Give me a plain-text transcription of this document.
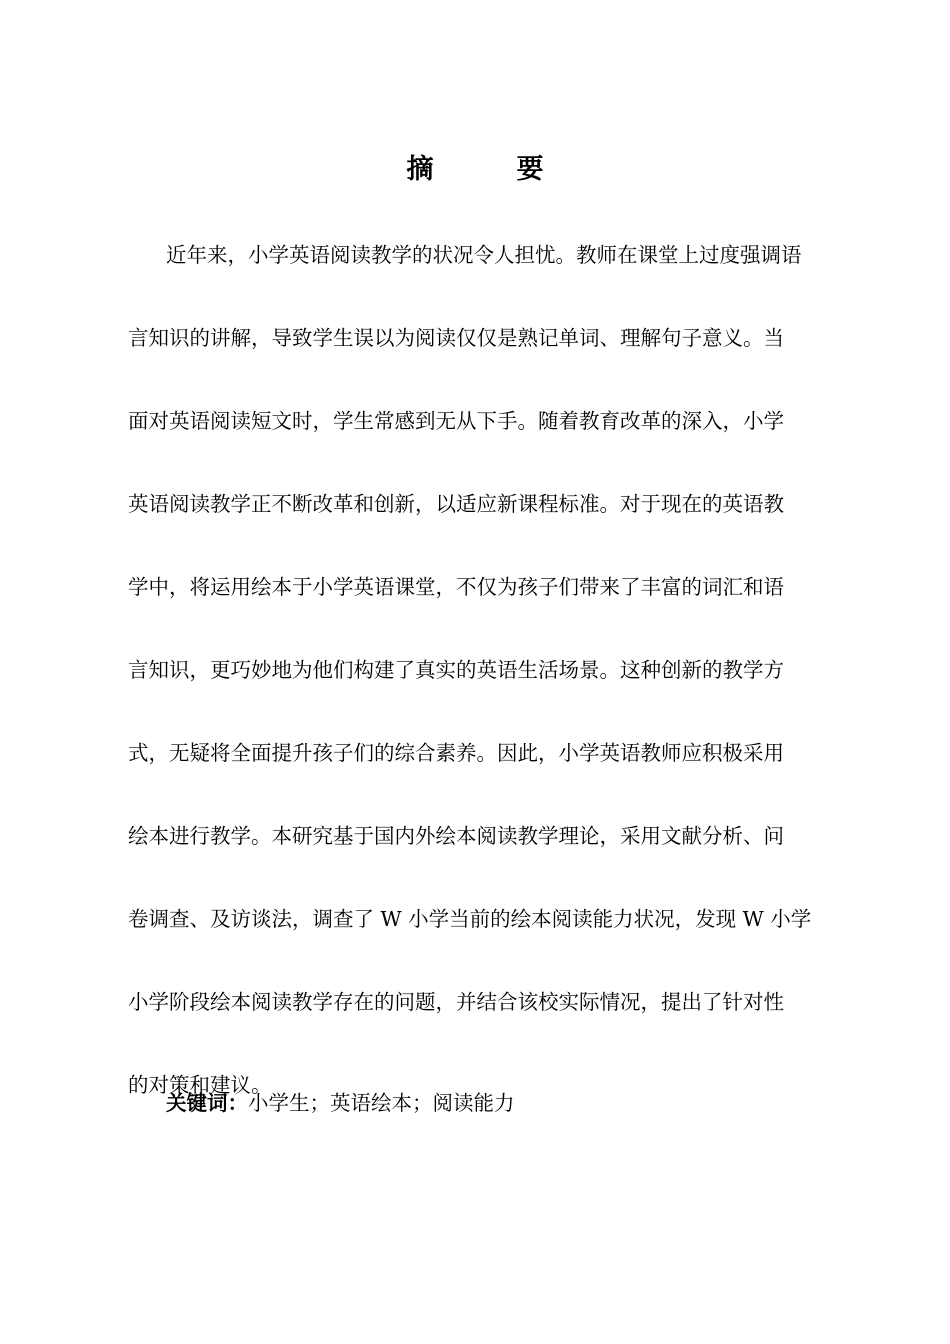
摘　要
近年来，小学英语阅读教学的状况令人担忧。教师在课堂上过度强调语
言知识的讲解，导致学生误以为阅读仅仅是熟记单词、理解句子意义。当
面对英语阅读短文时，学生常感到无从下手。随着教育改革的深入，小学
英语阅读教学正不断改革和创新，以适应新课程标准。对于现在的英语教
学中，将运用绘本于小学英语课堂，不仅为孩子们带来了丰富的词汇和语
言知识，更巧妙地为他们构建了真实的英语生活场景。这种创新的教学方
式，无疑将全面提升孩子们的综合素养。因此，小学英语教师应积极采用
绘本进行教学。本研究基于国内外绘本阅读教学理论，采用文献分析、问
卷调查、及访谈法，调查了 W 小学当前的绘本阅读能力状况，发现 W 小学
小学阶段绘本阅读教学存在的问题，并结合该校实际情况，提出了针对性
的对策和建议。
关键词：小学生；英语绘本；阅读能力
